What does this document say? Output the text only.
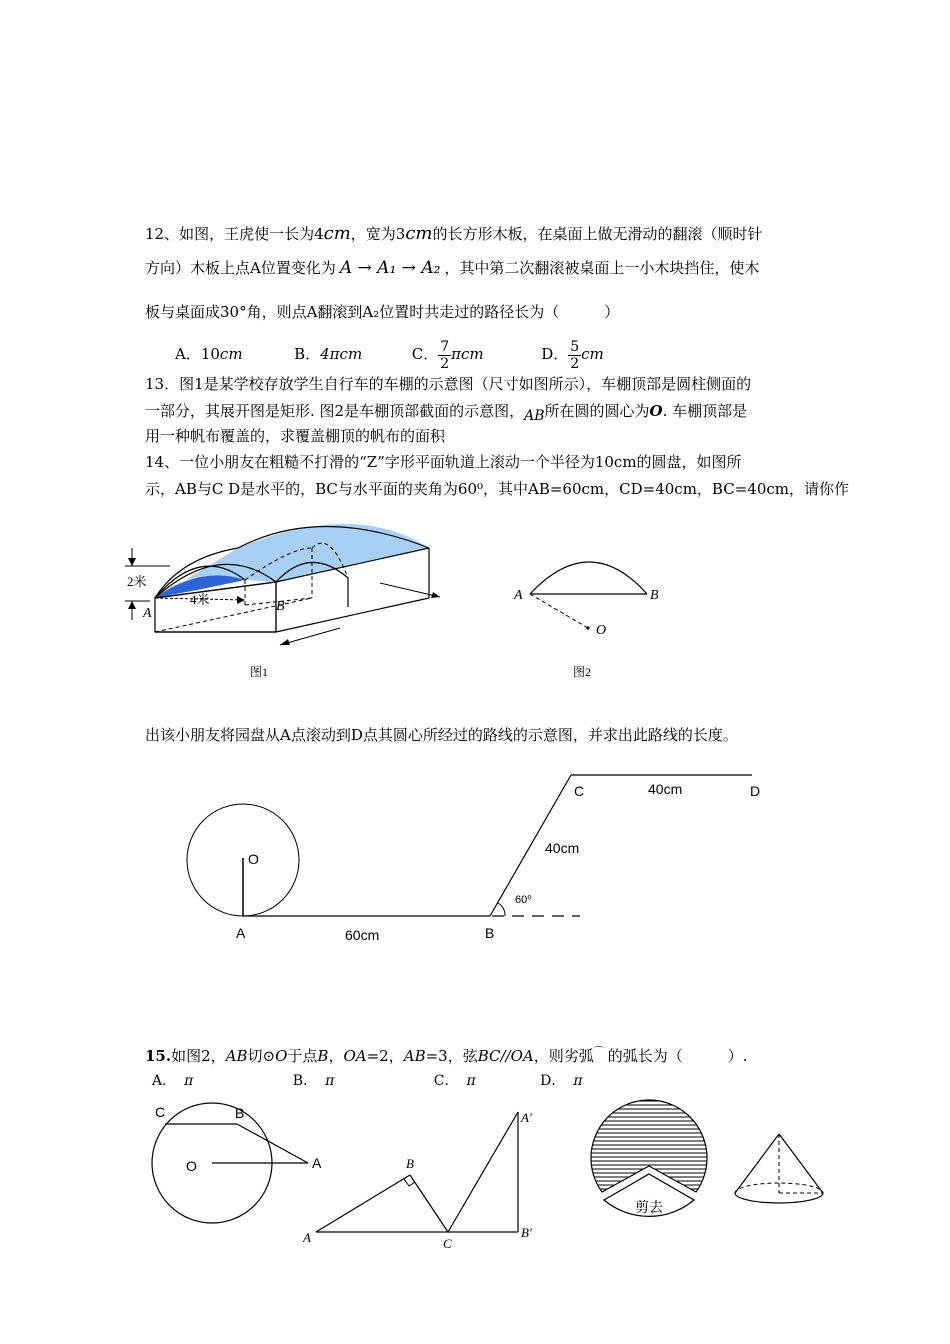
12、如图，王虎使一长为4cm，宽为3cm的长方形木板，在桌面上做无滑动的翻滚（顺时针
方向）木板上点A位置变化为 A → A₁ → A₂ ，其中第二次翻滚被桌面上一小木块挡住，使木
板与桌面成30°角，则点A翻滚到A₂位置时共走过的路径长为（　　　）
A．10cm	B．4πcm	C． $\frac{7}{2}$ πcm	D． $\frac{5}{2}$ cm
13．图1是某学校存放学生自行车的车棚的示意图（尺寸如图所示），车棚顶部是圆柱侧面的
一部分，其展开图是矩形. 图2是车棚顶部截面的示意图，AB所在圆的圆心为O. 车棚顶部是
用一种帆布覆盖的，求覆盖棚顶的帆布的面积
14、一位小朋友在粗糙不打滑的“Z”字形平面轨道上滚动一个半径为10cm的圆盘，如图所
示，AB与C D是水平的，BC与水平面的夹角为60⁰，其中AB=60cm，CD=40cm，BC=40cm，请你作
2米
4米
A	B
图1
A	B
O
图2
出该小朋友将园盘从A点滚动到D点其圆心所经过的路线的示意图，并求出此路线的长度。
O
A	B
C	D
60cm
40cm
40cm
60⁰
15.如图2，AB切⊙O于点B，OA=2，AB=3，弦BC//OA，则劣弧⌒ 的弧长为（　　　）.
A． π	B． π	C． π	D． π
C	B
O	A	B
A	C
A′
B′
剪去
